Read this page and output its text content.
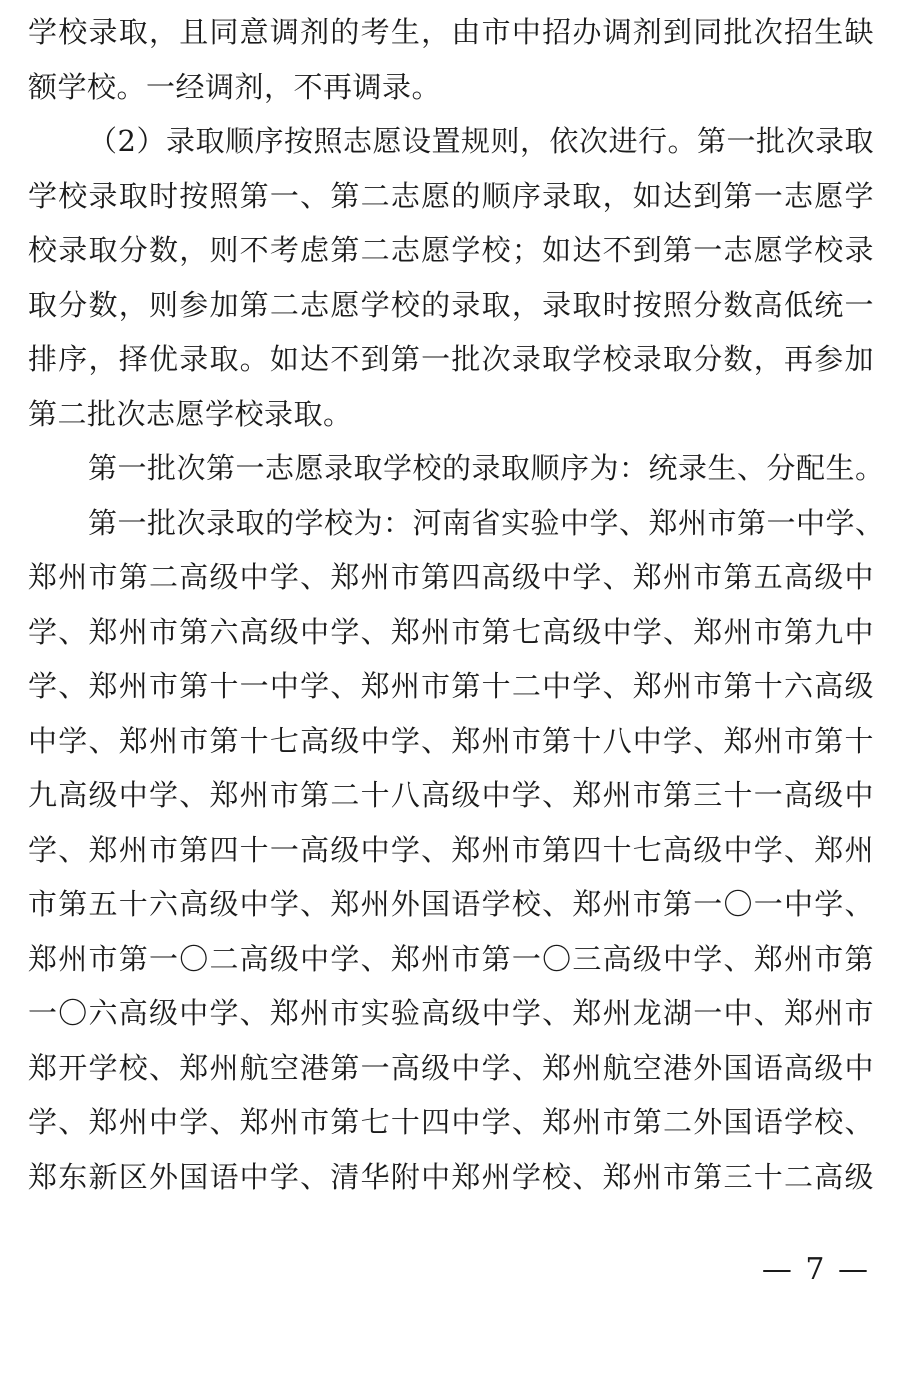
学校录取，且同意调剂的考生，由市中招办调剂到同批次招生缺
额学校。一经调剂，不再调录。
（2）录取顺序按照志愿设置规则，依次进行。第一批次录取
学校录取时按照第一、第二志愿的顺序录取，如达到第一志愿学
校录取分数，则不考虑第二志愿学校；如达不到第一志愿学校录
取分数，则参加第二志愿学校的录取，录取时按照分数高低统一
排序，择优录取。如达不到第一批次录取学校录取分数，再参加
第二批次志愿学校录取。
第一批次第一志愿录取学校的录取顺序为：统录生、分配生。
第一批次录取的学校为：河南省实验中学、郑州市第一中学、
郑州市第二高级中学、郑州市第四高级中学、郑州市第五高级中
学、郑州市第六高级中学、郑州市第七高级中学、郑州市第九中
学、郑州市第十一中学、郑州市第十二中学、郑州市第十六高级
中学、郑州市第十七高级中学、郑州市第十八中学、郑州市第十
九高级中学、郑州市第二十八高级中学、郑州市第三十一高级中
学、郑州市第四十一高级中学、郑州市第四十七高级中学、郑州
市第五十六高级中学、郑州外国语学校、郑州市第一〇一中学、
郑州市第一〇二高级中学、郑州市第一〇三高级中学、郑州市第
一〇六高级中学、郑州市实验高级中学、郑州龙湖一中、郑州市
郑开学校、郑州航空港第一高级中学、郑州航空港外国语高级中
学、郑州中学、郑州市第七十四中学、郑州市第二外国语学校、
郑东新区外国语中学、清华附中郑州学校、郑州市第三十二高级
— 7 —
